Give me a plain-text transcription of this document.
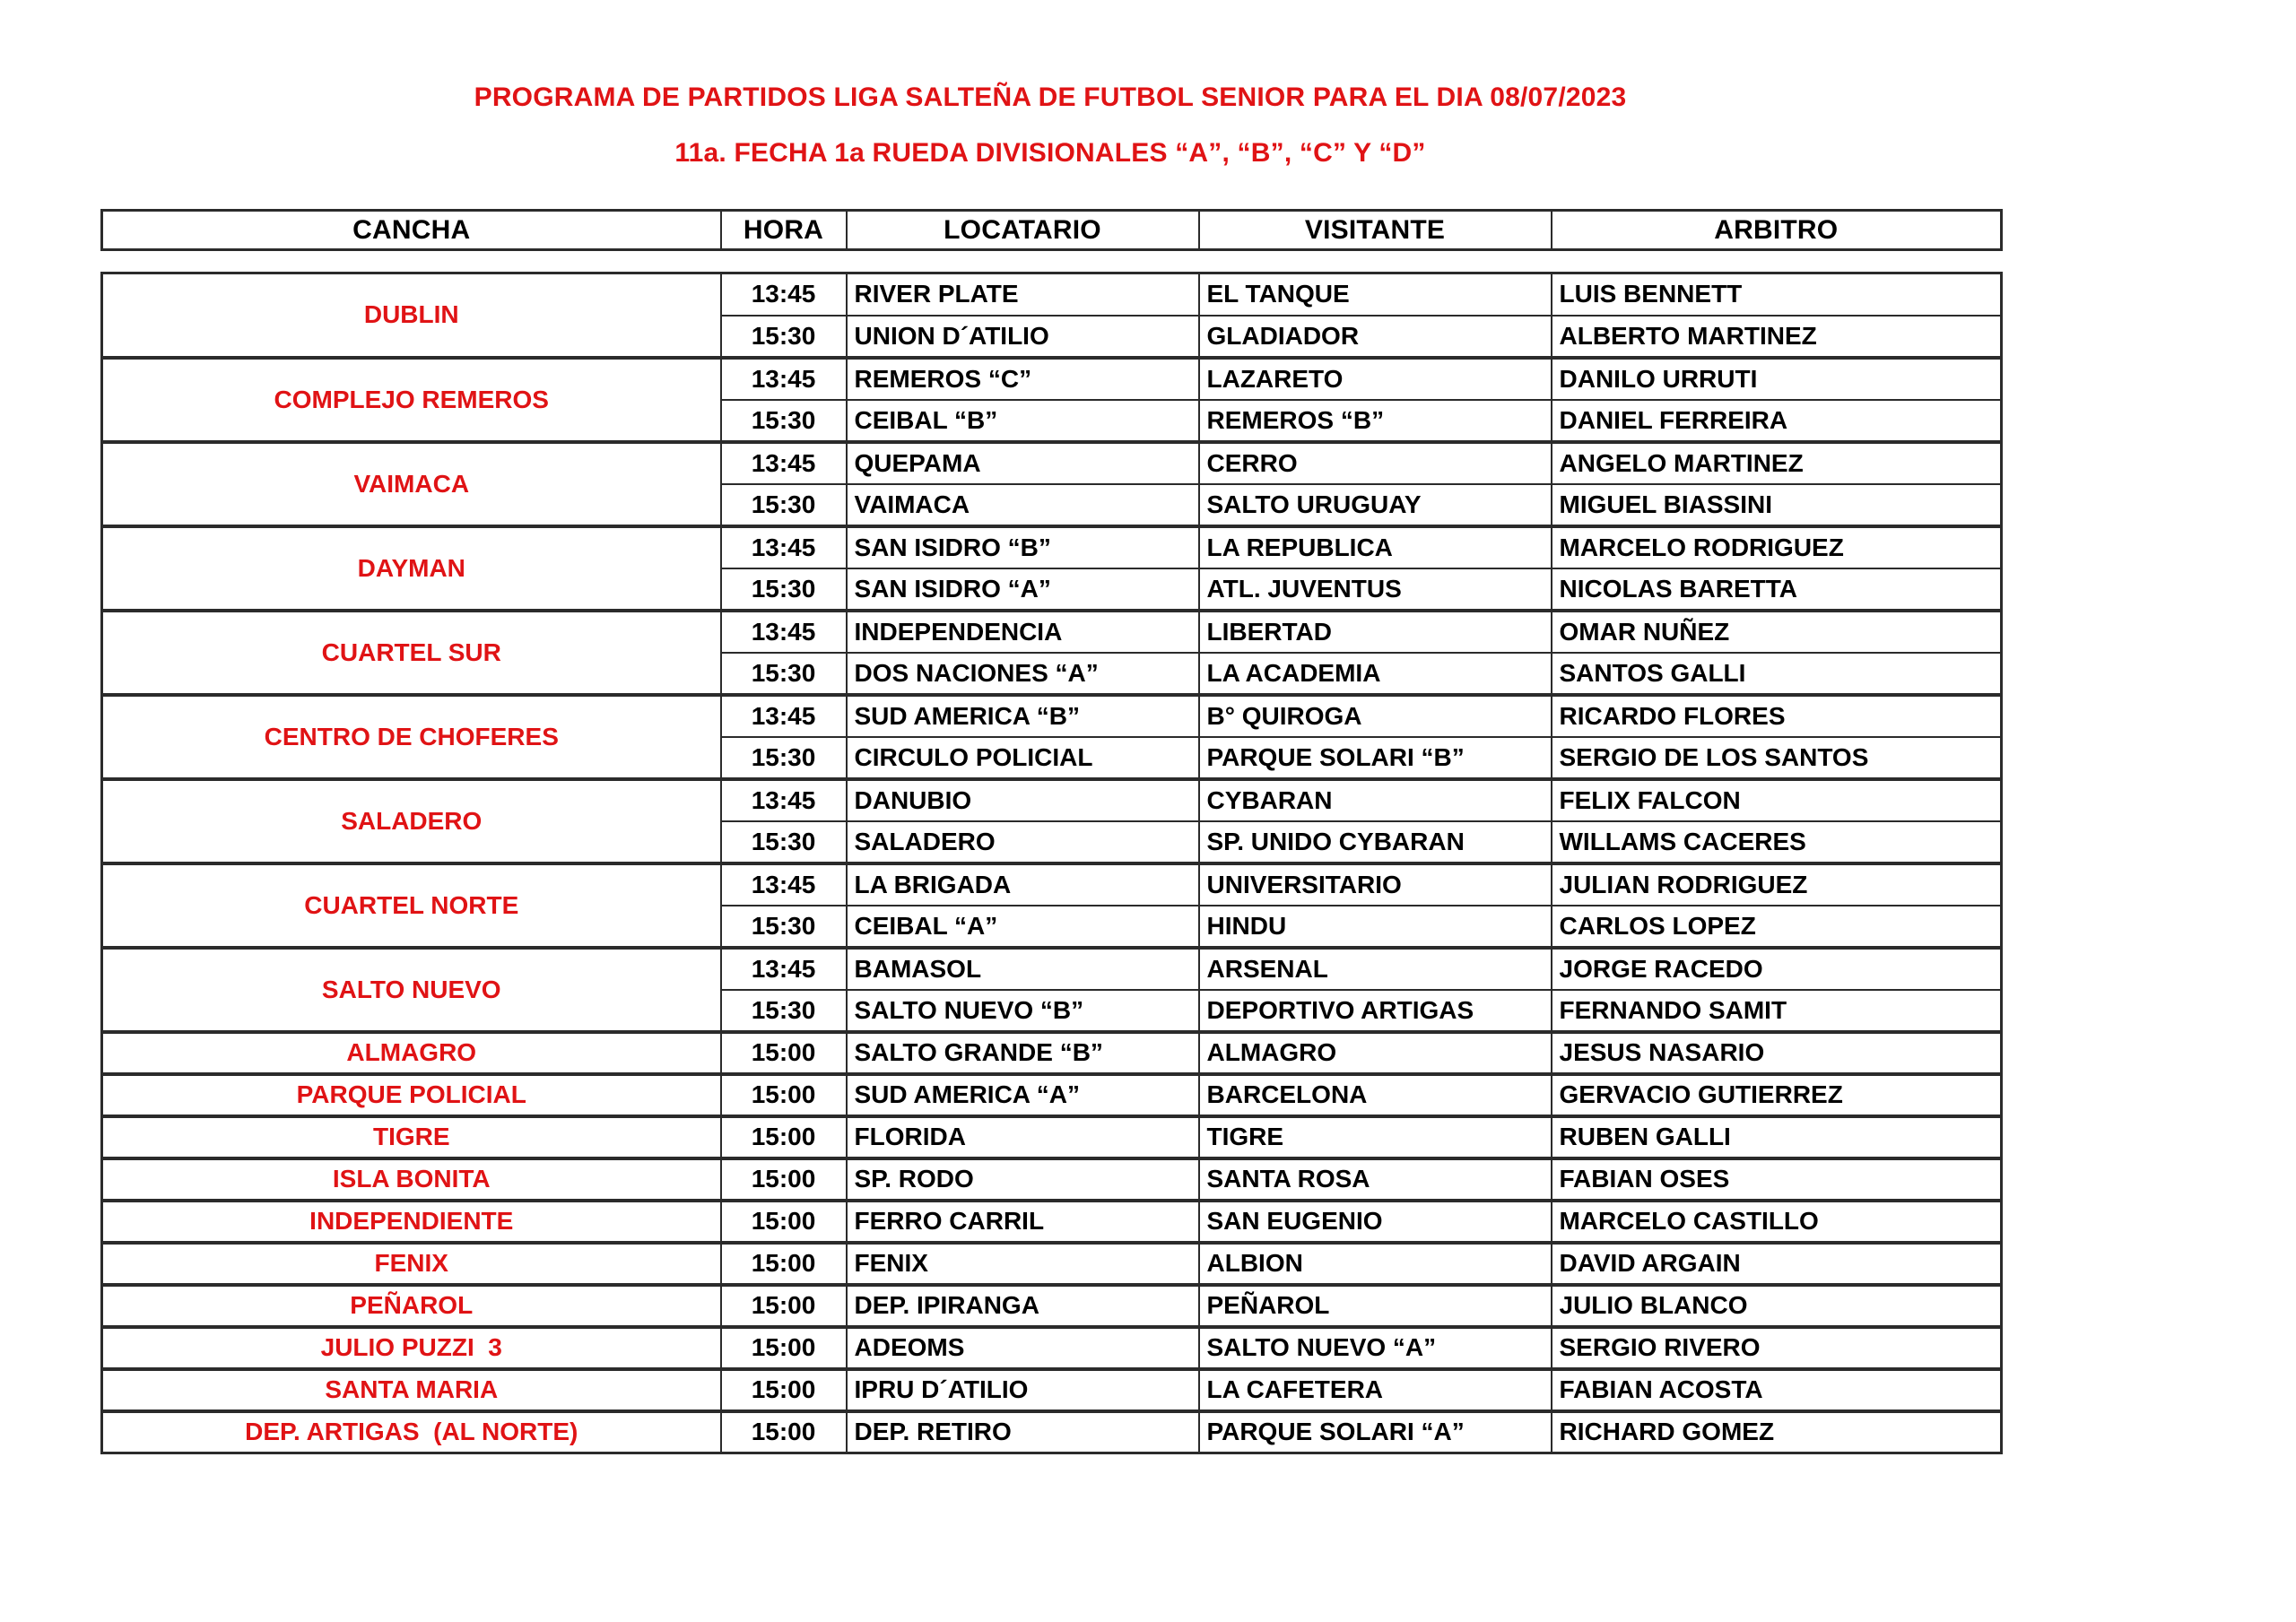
PROGRAMA DE PARTIDOS LIGA SALTEÑA DE FUTBOL SENIOR PARA EL DIA 08/07/2023
11a. FECHA 1a RUEDA DIVISIONALES “A”, “B”, “C” Y “D”
CANCHA	HORA	LOCATARIO	VISITANTE	ARBITRO
DUBLIN	13:45	RIVER PLATE	EL TANQUE	LUIS BENNETT
	15:30	UNION D´ATILIO	GLADIADOR	ALBERTO MARTINEZ
COMPLEJO REMEROS	13:45	REMEROS “C”	LAZARETO	DANILO URRUTI
	15:30	CEIBAL “B”	REMEROS “B”	DANIEL FERREIRA
VAIMACA	13:45	QUEPAMA	CERRO	ANGELO MARTINEZ
	15:30	VAIMACA	SALTO URUGUAY	MIGUEL BIASSINI
DAYMAN	13:45	SAN ISIDRO “B”	LA REPUBLICA	MARCELO RODRIGUEZ
	15:30	SAN ISIDRO “A”	ATL. JUVENTUS	NICOLAS BARETTA
CUARTEL SUR	13:45	INDEPENDENCIA	LIBERTAD	OMAR NUÑEZ
	15:30	DOS NACIONES “A”	LA ACADEMIA	SANTOS GALLI
CENTRO DE CHOFERES	13:45	SUD AMERICA “B”	B° QUIROGA	RICARDO FLORES
	15:30	CIRCULO POLICIAL	PARQUE SOLARI “B”	SERGIO DE LOS SANTOS
SALADERO	13:45	DANUBIO	CYBARAN	FELIX FALCON
	15:30	SALADERO	SP. UNIDO CYBARAN	WILLAMS CACERES
CUARTEL NORTE	13:45	LA BRIGADA	UNIVERSITARIO	JULIAN RODRIGUEZ
	15:30	CEIBAL “A”	HINDU	CARLOS LOPEZ
SALTO NUEVO	13:45	BAMASOL	ARSENAL	JORGE RACEDO
	15:30	SALTO NUEVO “B”	DEPORTIVO ARTIGAS	FERNANDO SAMIT
ALMAGRO	15:00	SALTO GRANDE “B”	ALMAGRO	JESUS NASARIO
PARQUE POLICIAL	15:00	SUD AMERICA “A”	BARCELONA	GERVACIO GUTIERREZ
TIGRE	15:00	FLORIDA	TIGRE	RUBEN GALLI
ISLA BONITA	15:00	SP. RODO	SANTA ROSA	FABIAN OSES
INDEPENDIENTE	15:00	FERRO CARRIL	SAN EUGENIO	MARCELO CASTILLO
FENIX	15:00	FENIX	ALBION	DAVID ARGAIN
PEÑAROL	15:00	DEP. IPIRANGA	PEÑAROL	JULIO BLANCO
JULIO PUZZI  3	15:00	ADEOMS	SALTO NUEVO “A”	SERGIO RIVERO
SANTA MARIA	15:00	IPRU D´ATILIO	LA CAFETERA	FABIAN ACOSTA
DEP. ARTIGAS  (AL NORTE)	15:00	DEP. RETIRO	PARQUE SOLARI “A”	RICHARD GOMEZ
